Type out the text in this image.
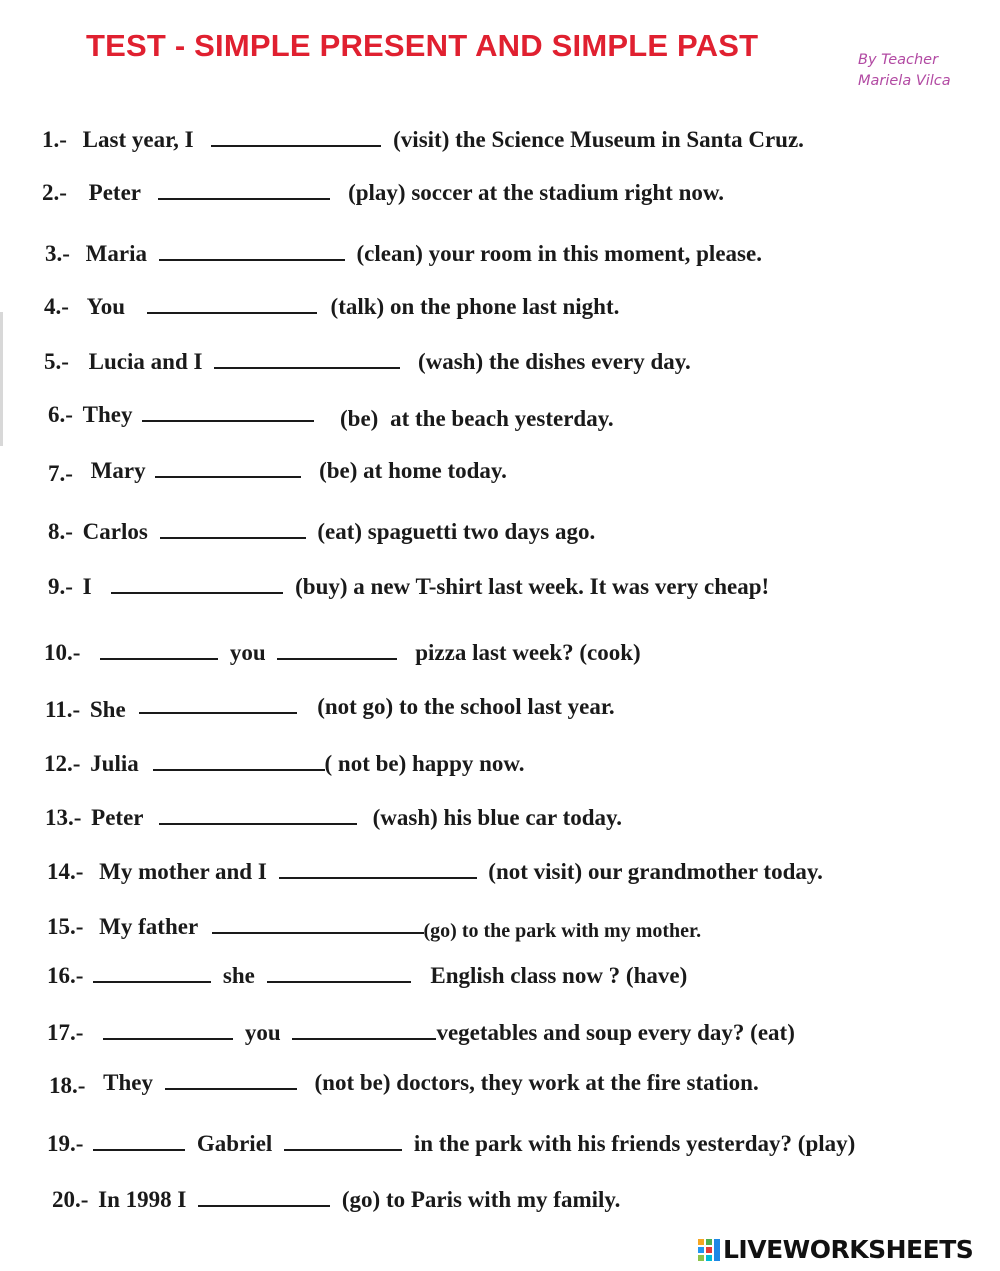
TEST - SIMPLE PRESENT AND SIMPLE PAST	By Teacher
Mariela Vilca
1.- Last year, I	(visit) the Science Museum in Santa Cruz.
2.- Peter	(play) soccer at the stadium right now.
3.- Maria	(clean) your room in this moment, please.
4.- You	(talk) on the phone last night.
5.- Lucia and I	(wash) the dishes every day.
6.- They	(be) at the beach yesterday.
7.- Mary	(be) at home today.
8.- Carlos	(eat) spaguetti two days ago.
9.- I	(buy) a new T-shirt last week. It was very cheap!
10.-	you	pizza last week? (cook)
11.- She	(not go) to the school last year.
12.- Julia	( not be) happy now.
13.- Peter	(wash) his blue car today.
14.- My mother and I	(not visit) our grandmother today.
15.- My father	(go) to the park with my mother.
16.-	she	English class now ? (have)
17.-	you	vegetables and soup every day? (eat)
18.- They	(not be) doctors, they work at the fire station.
19.-	Gabriel	in the park with his friends yesterday? (play)
20.- In 1998 I	(go) to Paris with my family.
LIVEWORKSHEETS
